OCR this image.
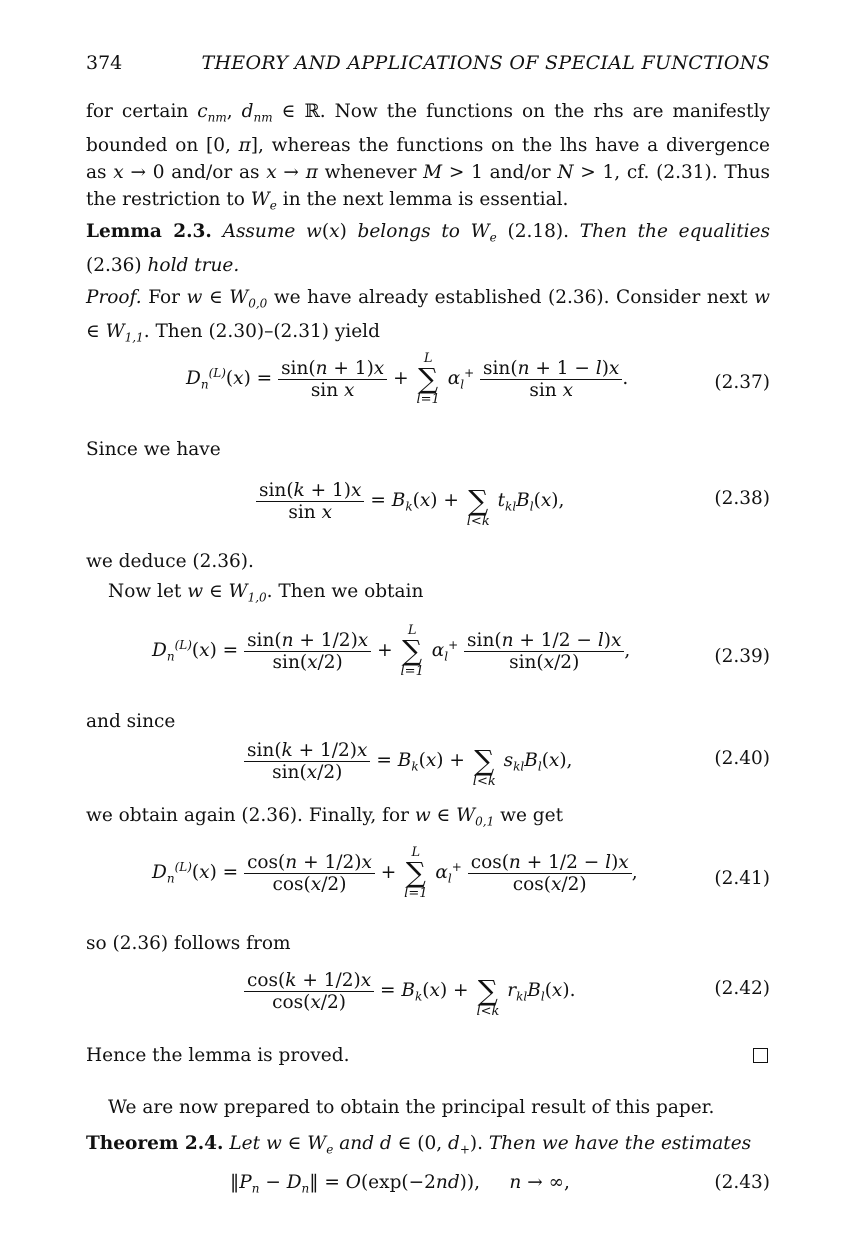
374	THEORY AND APPLICATIONS OF SPECIAL FUNCTIONS
for certain $c_{nm}$, $d_{nm}$ ∈ ℝ. Now the functions on the rhs are manifestly bounded on [0, π], whereas the functions on the lhs have a divergence as x → 0 and/or as x → π whenever M > 1 and/or N > 1, cf. (2.31). Thus the restriction to $W_e$ in the next lemma is essential.
Lemma 2.3. Assume w(x) belongs to $W_e$ (2.18). Then the equalities (2.36) hold true.
Proof. For w ∈ $W_{0,0}$ we have already established (2.36). Consider next w ∈ $W_{1,1}$. Then (2.30)–(2.31) yield
$D_n^{(L)}(x) = \frac{\sin(n + 1)x}{\text{sin x}}$ +
L
∑
l=1
$\alpha_l^+ \frac{\sin(n + 1 - l)x}{\text{sin x}}$ .	(2.37)
Since we have
$\frac{\sin(k + 1)x}{\text{sin x}} = B_k(x)$ +
∑
l<k
$t_{kl}B_l(x)$,	(2.38)
we deduce (2.36).
Now let w ∈ $W_{1,0}$. Then we obtain
$D_n^{(L)}(x) = \frac{\sin(n + 1/2)x}{\sin(x/2)}$ +
L
∑
l=1
$\alpha_l^+ \frac{\sin(n + 1/2 - l)x}{\sin(x/2)}$ ,	(2.39)
and since
$\frac{\sin(k + 1/2)x}{\sin(x/2)} = B_k(x)$ +
∑
l<k
$s_{kl}B_l(x)$,	(2.40)
we obtain again (2.36). Finally, for w ∈ $W_{0,1}$ we get
$D_n^{(L)}(x) = \frac{\cos(n + 1/2)x}{\cos(x/2)}$ +
L
∑
l=1
$\alpha_l^+ \frac{\cos(n + 1/2 - l)x}{\cos(x/2)}$ ,	(2.41)
so (2.36) follows from
$\frac{\cos(k + 1/2)x}{\cos(x/2)} = B_k(x)$ +
∑
l<k
$r_{kl}B_l(x)$.	(2.42)
Hence the lemma is proved.
We are now prepared to obtain the principal result of this paper.
Theorem 2.4. Let w ∈ $W_e$ and d ∈ (0, $d_+$). Then we have the estimates
$‖P_n$ − $D_n‖ = O(\exp(-2nd))$,     n → ∞,	(2.43)
